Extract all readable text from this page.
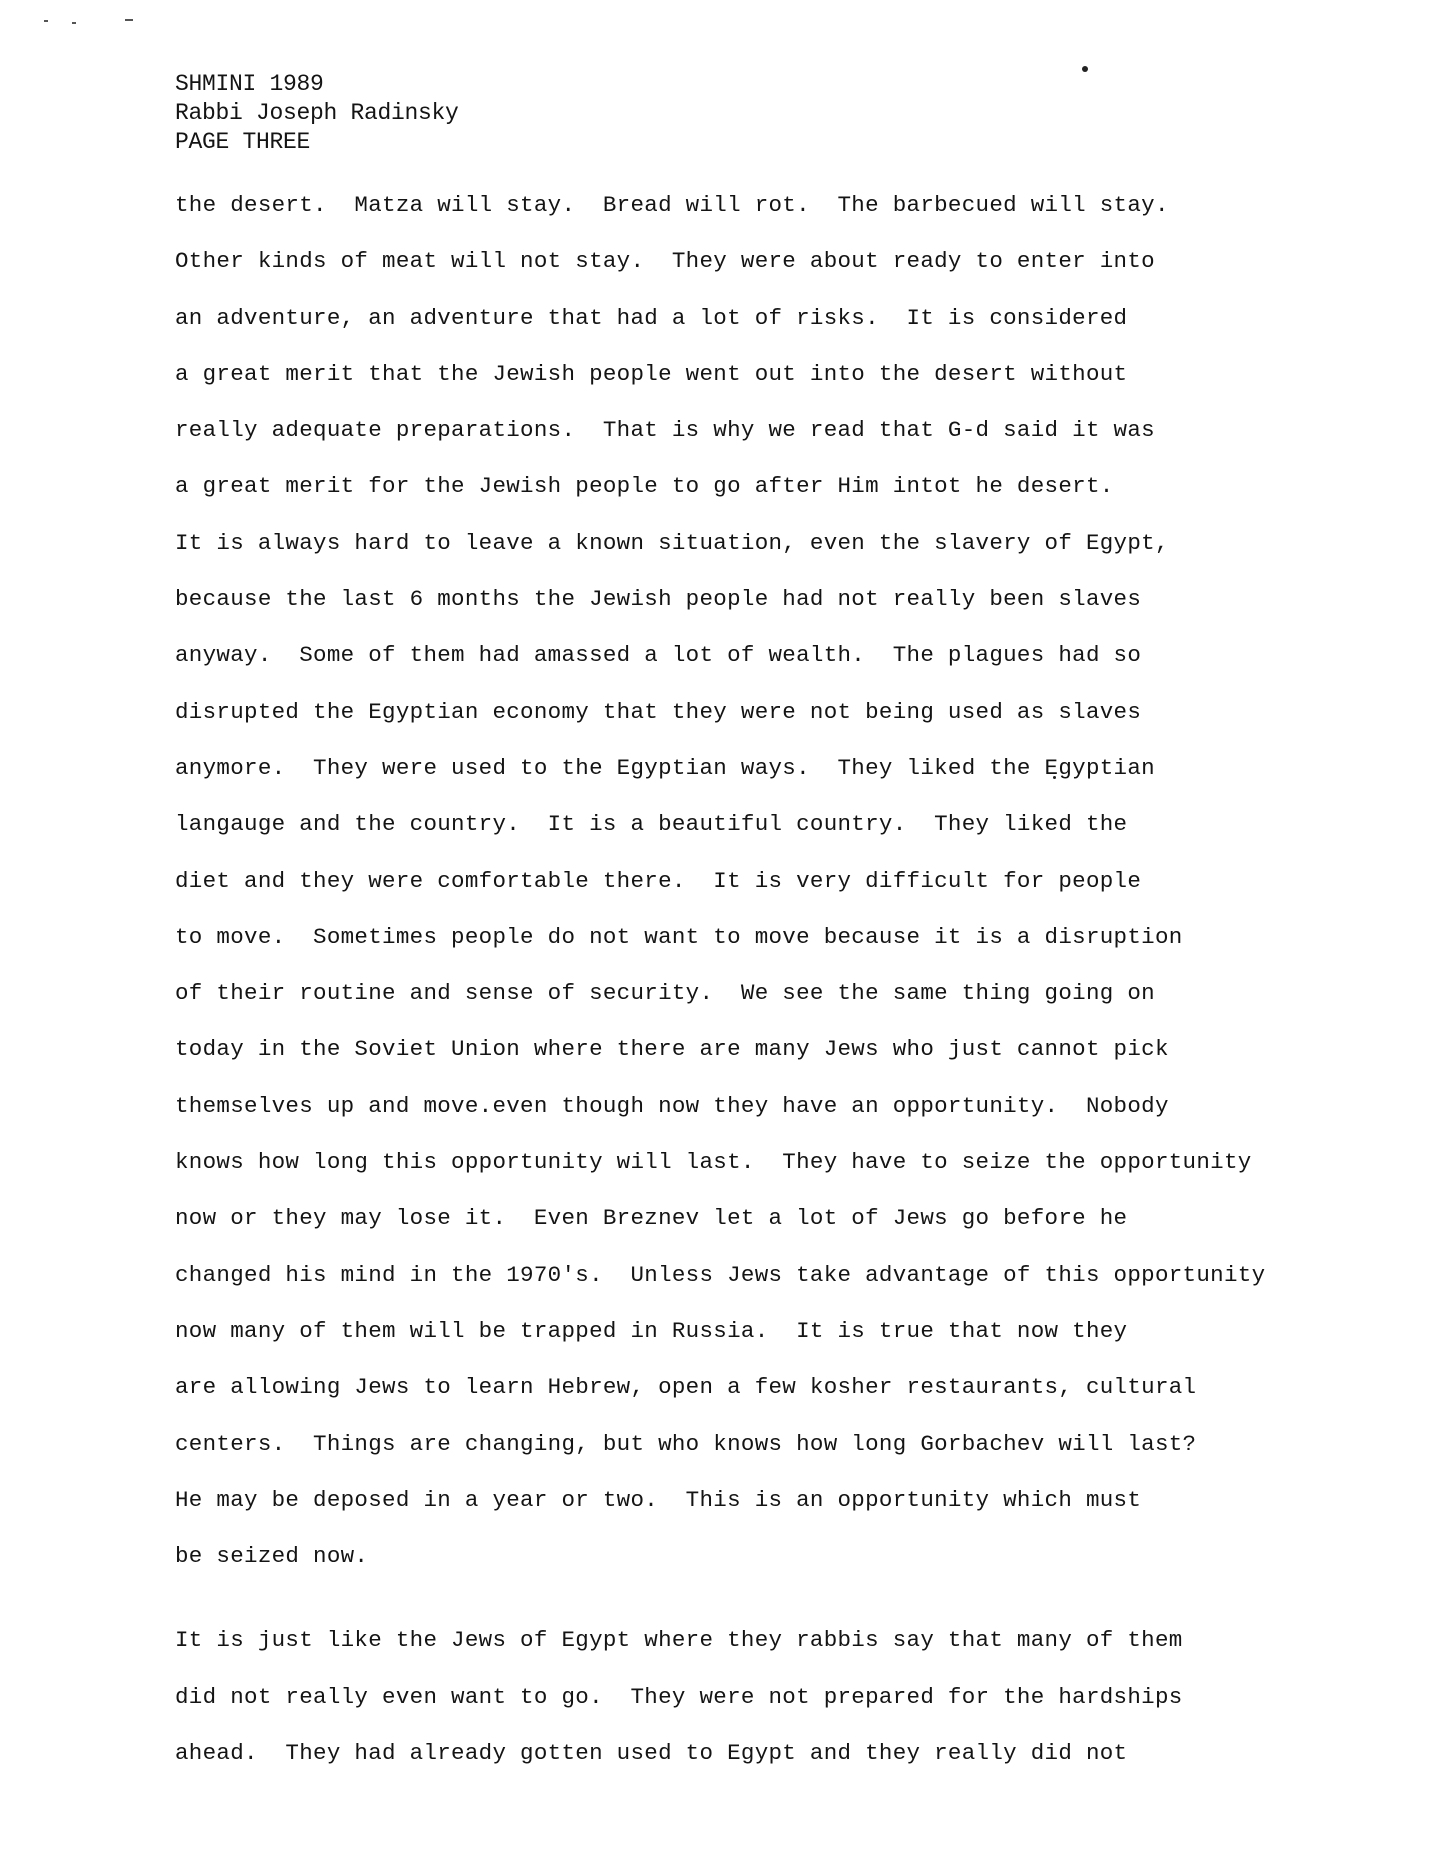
SHMINI 1989
Rabbi Joseph Radinsky
PAGE THREE
the desert.  Matza will stay.  Bread will rot.  The barbecued will stay.
Other kinds of meat will not stay.  They were about ready to enter into
an adventure, an adventure that had a lot of risks.  It is considered
a great merit that the Jewish people went out into the desert without
really adequate preparations.  That is why we read that G-d said it was
a great merit for the Jewish people to go after Him intot he desert.
It is always hard to leave a known situation, even the slavery of Egypt,
because the last 6 months the Jewish people had not really been slaves
anyway.  Some of them had amassed a lot of wealth.  The plagues had so
disrupted the Egyptian economy that they were not being used as slaves
anymore.  They were used to the Egyptian ways.  They liked the Egyptian
langauge and the country.  It is a beautiful country.  They liked the
diet and they were comfortable there.  It is very difficult for people
to move.  Sometimes people do not want to move because it is a disruption
of their routine and sense of security.  We see the same thing going on
today in the Soviet Union where there are many Jews who just cannot pick
themselves up and move.even though now they have an opportunity.  Nobody
knows how long this opportunity will last.  They have to seize the opportunity
now or they may lose it.  Even Breznev let a lot of Jews go before he
changed his mind in the 1970's.  Unless Jews take advantage of this opportunity
now many of them will be trapped in Russia.  It is true that now they
are allowing Jews to learn Hebrew, open a few kosher restaurants, cultural
centers.  Things are changing, but who knows how long Gorbachev will last?
He may be deposed in a year or two.  This is an opportunity which must
be seized now.
It is just like the Jews of Egypt where they rabbis say that many of them
did not really even want to go.  They were not prepared for the hardships
ahead.  They had already gotten used to Egypt and they really did not
